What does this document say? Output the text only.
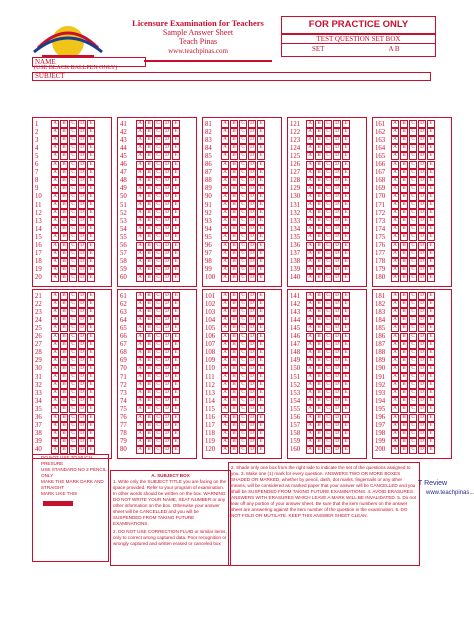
Licensure Examination for Teachers
Sample Answer Sheet
Teach Pinas
www.teachpinas.com
FOR PRACTICE ONLY
TEST QUESTION SET BOX
SET	A B
NAME
(USE BLACK BALLPEN ONLY)
SUBJECT
1	A B C D E
2	A B C D E
3	A B C D E
4	A B C D E
5	A B C D E
6	A B C D E
7	A B C D E
8	A B C D E
9	A B C D E
10 A B C D E
11 A B C D E
12 A B C D E
13 A B C D E
14 A B C D E
15 A B C D E
16 A B C D E
17 A B C D E
18 A B C D E
19 A B C D E
20 A B C D E
21 A B C D E
22 A B C D E
23 A B C D E
24 A B C D E
25 A B C D E
26 A B C D E
27 A B C D E
28 A B C D E
29 A B C D E
30 A B C D E
31 A B C D E
32 A B C D E
33 A B C D E
34 A B C D E
35 A B C D E
36 A B C D E
37 A B C D E
38 A B C D E
39 A B C D E
40 A B C D E
41 A B C D E
42 A B C D E
43 A B C D E
44 A B C D E
45 A B C D E
46 A B C D E
47 A B C D E
48 A B C D E
49 A B C D E
50 A B C D E
51 A B C D E
52 A B C D E
53 A B C D E
54 A B C D E
55 A B C D E
56 A B C D E
57 A B C D E
58 A B C D E
59 A B C D E
60 A B C D E
61 A B C D E
62 A B C D E
63 A B C D E
64 A B C D E
65 A B C D E
66 A B C D E
67 A B C D E
68 A B C D E
69 A B C D E
70 A B C D E
71 A B C D E
72 A B C D E
73 A B C D E
74 A B C D E
75 A B C D E
76 A B C D E
77 A B C D E
78 A B C D E
79 A B C D E
80 A B C D E
81 A B C D E
82 A B C D E
83 A B C D E
84 A B C D E
85 A B C D E
86 A B C D E
87 A B C D E
88 A B C D E
89 A B C D E
90 A B C D E
91 A B C D E
92 A B C D E
93 A B C D E
94 A B C D E
95 A B C D E
96 A B C D E
97 A B C D E
98 A B C D E
99 A B C D E
100 A B C D E
101 A B C D E
102 A B C D E
103 A B C D E
104 A B C D E
105 A B C D E
106 A B C D E
107 A B C D E
108 A B C D E
109 A B C D E
110 A B C D E
111 A B C D E
112 A B C D E
113 A B C D E
114 A B C D E
115 A B C D E
116 A B C D E
117 A B C D E
118 A B C D E
119 A B C D E
120 A B C D E
121 A B C D E
122 A B C D E
123 A B C D E
124 A B C D E
125 A B C D E
126 A B C D E
127 A B C D E
128 A B C D E
129 A B C D E
130 A B C D E
131 A B C D E
132 A B C D E
133 A B C D E
134 A B C D E
135 A B C D E
136 A B C D E
137 A B C D E
138 A B C D E
139 A B C D E
140 A B C D E
141 A B C D E
142 A B C D E
143 A B C D E
144 A B C D E
145 A B C D E
146 A B C D E
147 A B C D E
148 A B C D E
149 A B C D E
150 A B C D E
151 A B C D E
152 A B C D E
153 A B C D E
154 A B C D E
155 A B C D E
156 A B C D E
157 A B C D E
158 A B C D E
159 A B C D E
160 A B C D E
161 A B C D E
162 A B C D E
163 A B C D E
164 A B C D E
165 A B C D E
166 A B C D E
167 A B C D E
168 A B C D E
169 A B C D E
170 A B C D E
171 A B C D E
172 A B C D E
173 A B C D E
174 A B C D E
175 A B C D E
176 A B C D E
177 A B C D E
178 A B C D E
179 A B C D E
180 A B C D E
181 A B C D E
182 A B C D E
183 A B C D E
184 A B C D E
185 A B C D E
186 A B C D E
187 A B C D E
188 A B C D E
189 A B C D E
190 A B C D E
191 A B C D E
192 A B C D E
193 A B C D E
194 A B C D E
195 A B C D E
196 A B C D E
197 A B C D E
198 A B C D E
199 A B C D E
200 A B C D E
• DO NOT USE TO MUCH PRESURE
• USE STANDARD NO 2 PENCIL ONLY
• MAKE THE MARK DARK AND STRAIGHT
• MARK LIKE THIS
A. SUBJECT BOX
1. Write only the SUBJECT TITLE you are facing on the space provided. Refer to your program of examination. In other words should be written on the box. WARNING: DO NOT WRITE YOUR NAME, SEAT NUMBER or any other information on the box. Otherwise your answer sheet will be CANCELLED and you will be SUSPENDED FROM TAKING FUTURE EXAMINATIONS.
2. DO NOT USE CORRECTION FLUID or similar items, only to correct wrong captured data. Poor recognition or wrongly captured and written erased or canceled box
2. Shade only one box from the right side to indicate the set of the questions assigned to you. 3. Make one (1) mark for every question. ANSWERS TWO OR MORE BOXES SHADED OR MARKED, whether by pencil, dash, dot marks, fingernails or any other means, will be considered as marked paper that your answer will be CANCELLED and you shall be SUSPENDED FROM TAKING FUTURE EXAMINATIONS. 4. AVOID ERASURES. ANSWERS WITH ERASURES WHICH LEAVE A MARK WILL BE INVALIDATED. 5. Do not tear off any portion of your answer sheet. Be sure that the item numbers on the answer sheet are answering against the item number of the question in the examination. 6. DO NOT FOLD OR MUTILATE. KEEP THIS ANSWER SHEET CLEAN.
T Review
www.teachpinas...
